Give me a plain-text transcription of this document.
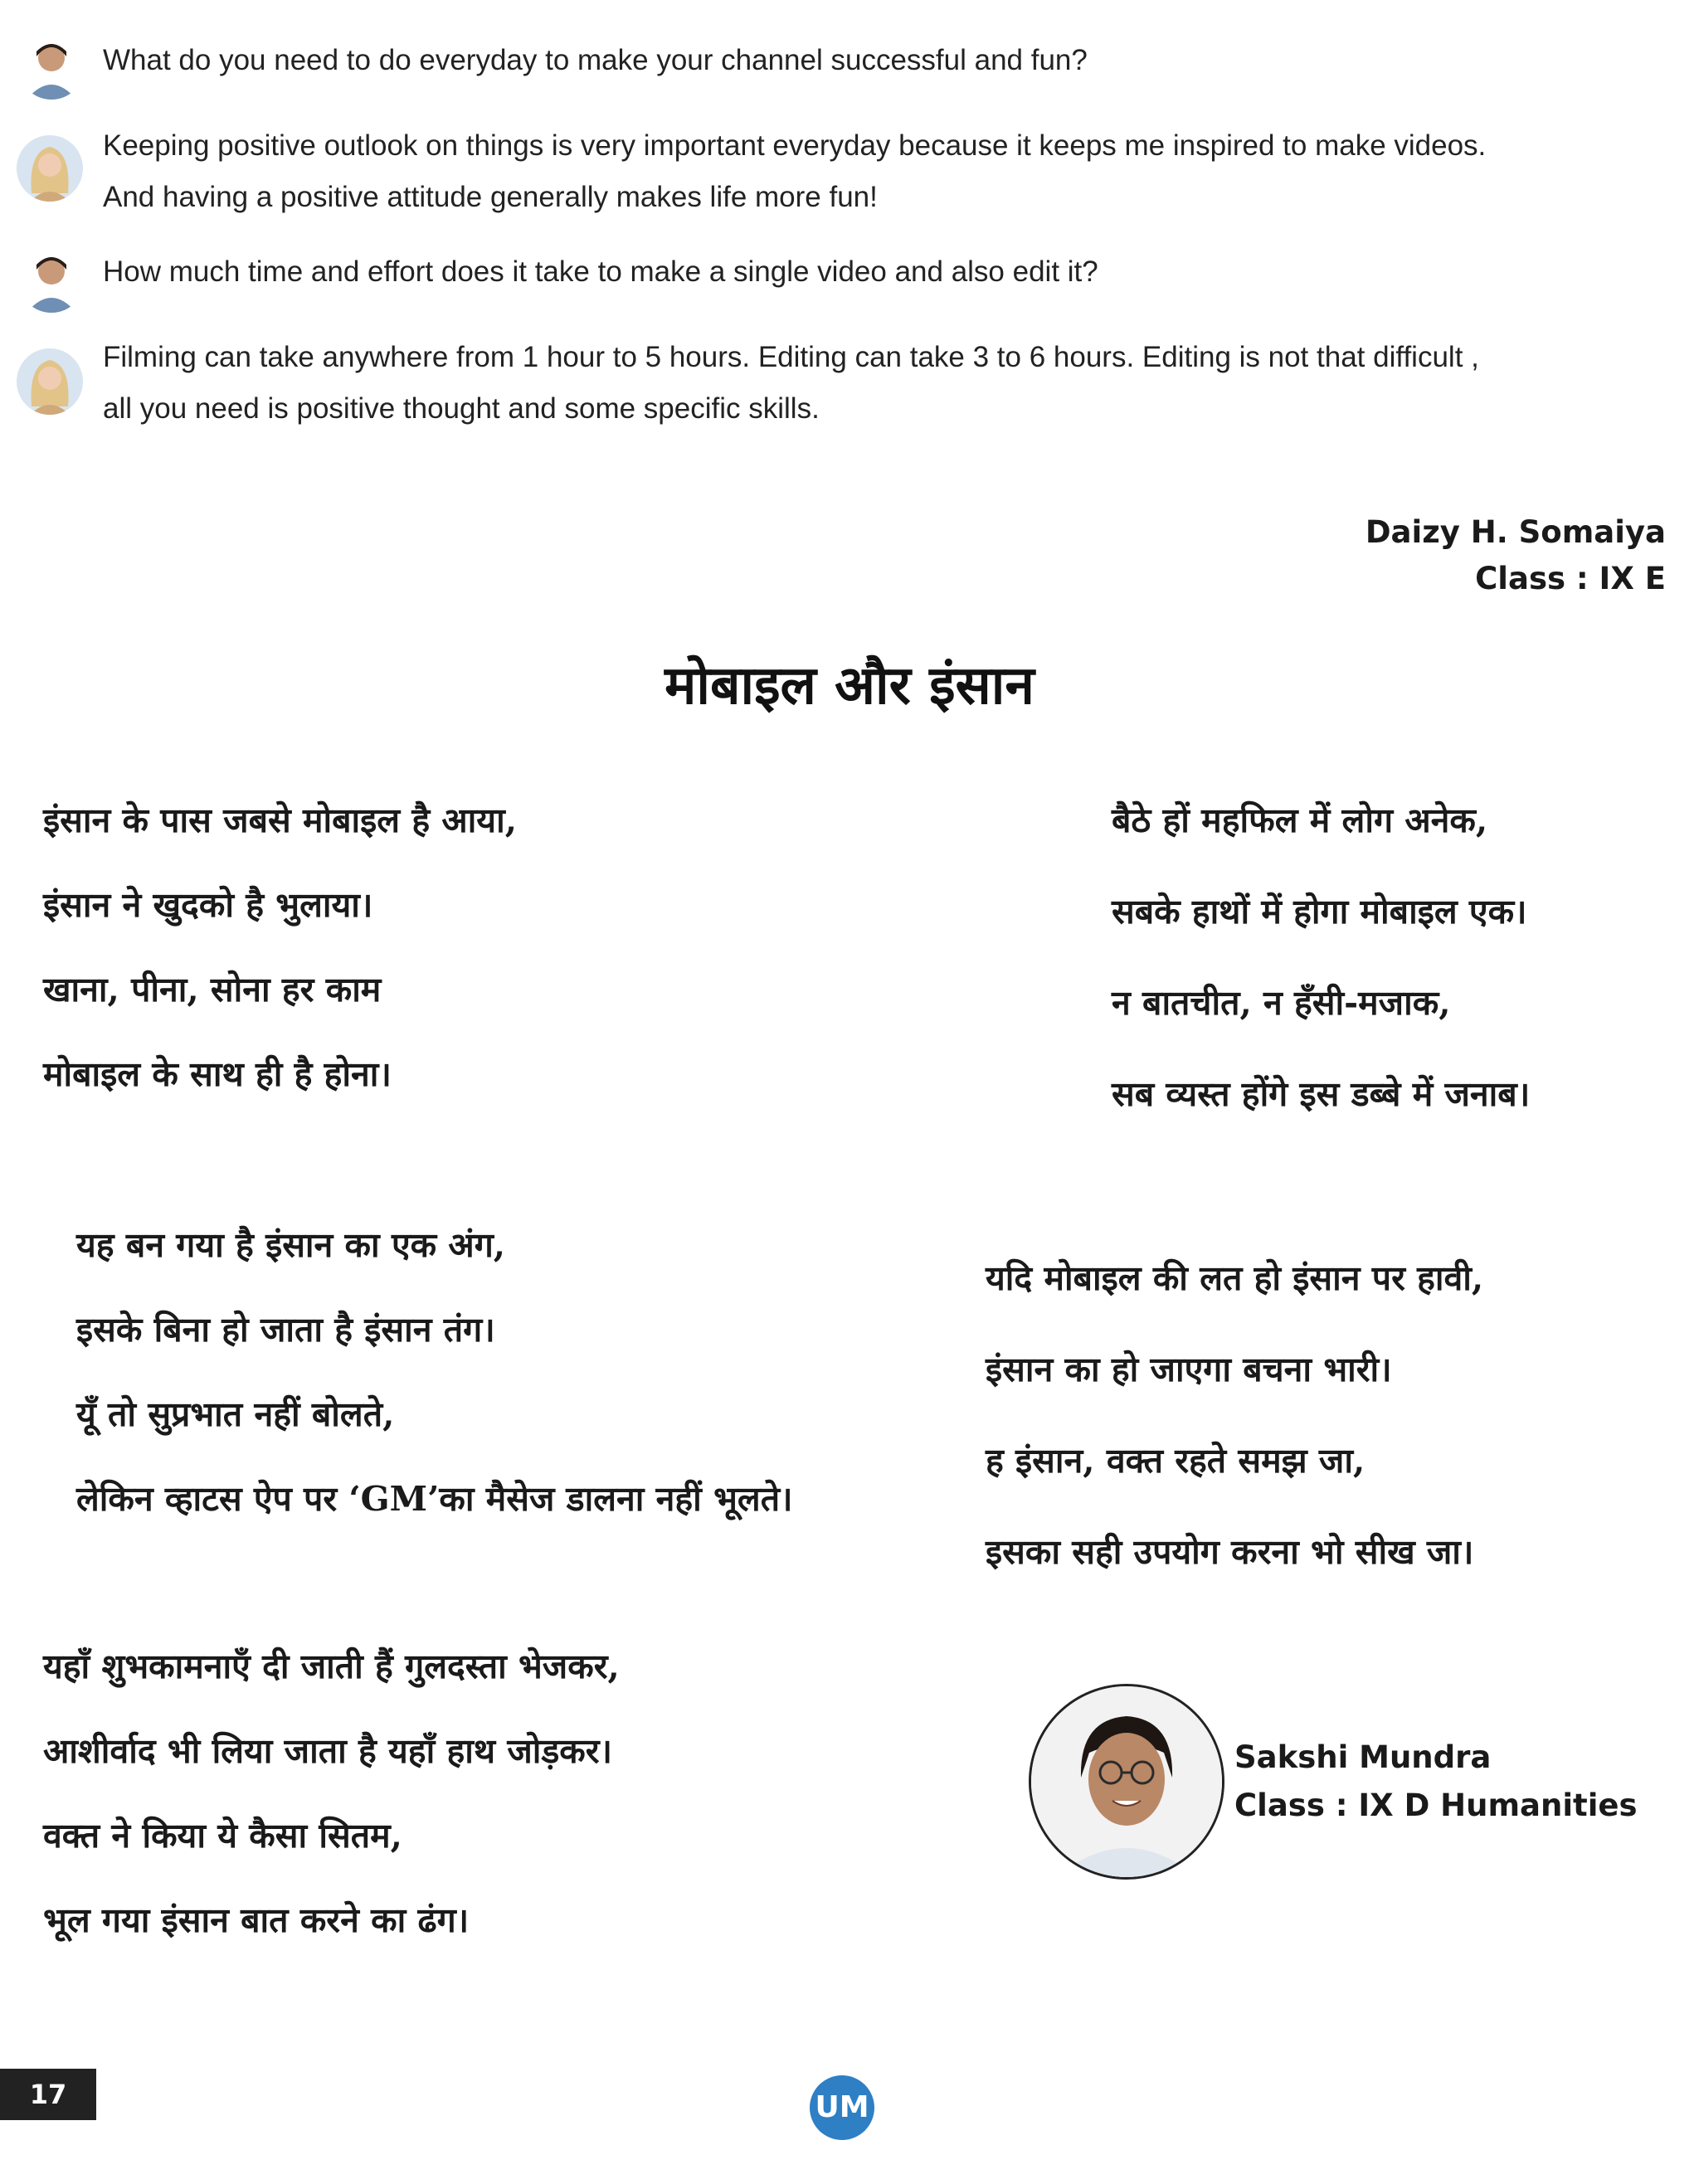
What do you need to do everyday to make your channel successful and fun?
Keeping positive outlook on things is very important everyday because it keeps me inspired to make videos.
And having a positive attitude generally makes life more fun!
How much time and effort does it take to make a single video and also edit it?
Filming can take anywhere from 1 hour to 5 hours. Editing can take 3 to 6 hours. Editing is not that difficult ,
all you need is positive thought and some specific skills.
Daizy H. Somaiya
Class : IX E
मोबाइल और इंसान
इंसान के पास जबसे मोबाइल है आया,
इंसान ने खुदको है भुलाया।
खाना, पीना, सोना हर काम
मोबाइल के साथ ही है होना।
बैठे हों महफिल में लोग अनेक,
सबके हाथों में होगा मोबाइल एक।
न बातचीत, न हँसी-मजाक,
सब व्यस्त होंगे इस डब्बे में जनाब।
यह बन गया है इंसान का एक अंग,
इसके बिना हो जाता है इंसान तंग।
यूँ तो सुप्रभात नहीं बोलते,
लेकिन व्हाटस ऐप पर ‘GM’का मैसेज डालना नहीं भूलते।
यदि मोबाइल की लत हो इंसान पर हावी,
इंसान का हो जाएगा बचना भारी।
ह इंसान, वक्त रहते समझ जा,
इसका सही उपयोग करना भो सीख जा।
यहाँ शुभकामनाएँ दी जाती हैं गुलदस्ता भेजकर,
आशीर्वाद भी लिया जाता है यहाँ हाथ जोड़कर।
वक्त ने किया ये कैसा सितम,
भूल गया इंसान बात करने का ढंग।
Sakshi Mundra
Class : IX D Humanities
17	UM
